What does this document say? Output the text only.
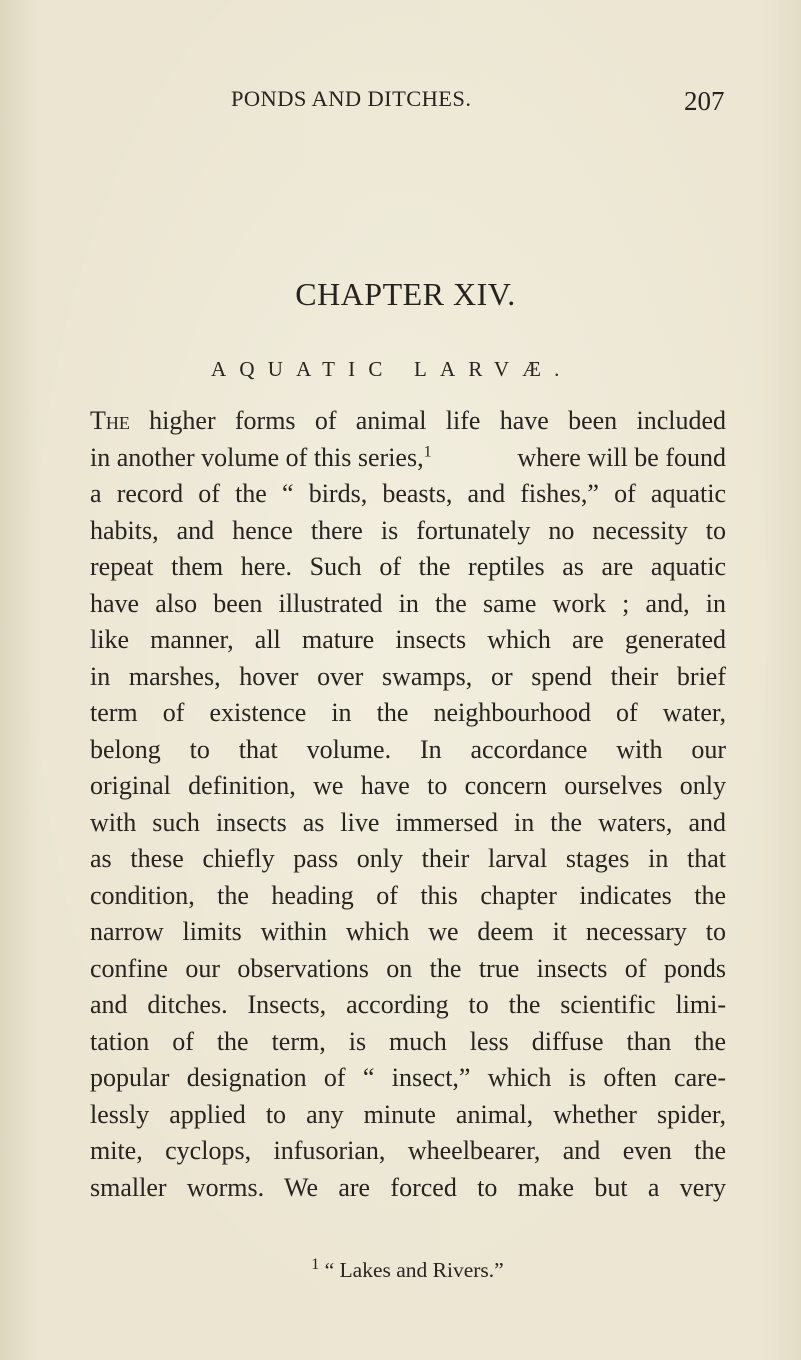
PONDS AND DITCHES.	207
CHAPTER XIV.
AQUATIC LARVÆ.
The higher forms of animal life have been included
in another volume of this series,$^1$	where will be found
a record of the “ birds, beasts, and fishes,” of aquatic
habits, and hence there is fortunately no necessity to
repeat them here. Such of the reptiles as are aquatic
have also been illustrated in the same work ; and, in
like manner, all mature insects which are generated
in marshes, hover over swamps, or spend their brief
term of existence in the neighbourhood of water,
belong to that volume. In accordance with our
original definition, we have to concern ourselves only
with such insects as live immersed in the waters, and
as these chiefly pass only their larval stages in that
condition, the heading of this chapter indicates the
narrow limits within which we deem it necessary to
confine our observations on the true insects of ponds
and ditches. Insects, according to the scientific limi-
tation of the term, is much less diffuse than the
popular designation of “ insect,” which is often care-
lessly applied to any minute animal, whether spider,
mite, cyclops, infusorian, wheelbearer, and even the
smaller worms. We are forced to make but a very
$^1$ “ Lakes and Rivers.”
